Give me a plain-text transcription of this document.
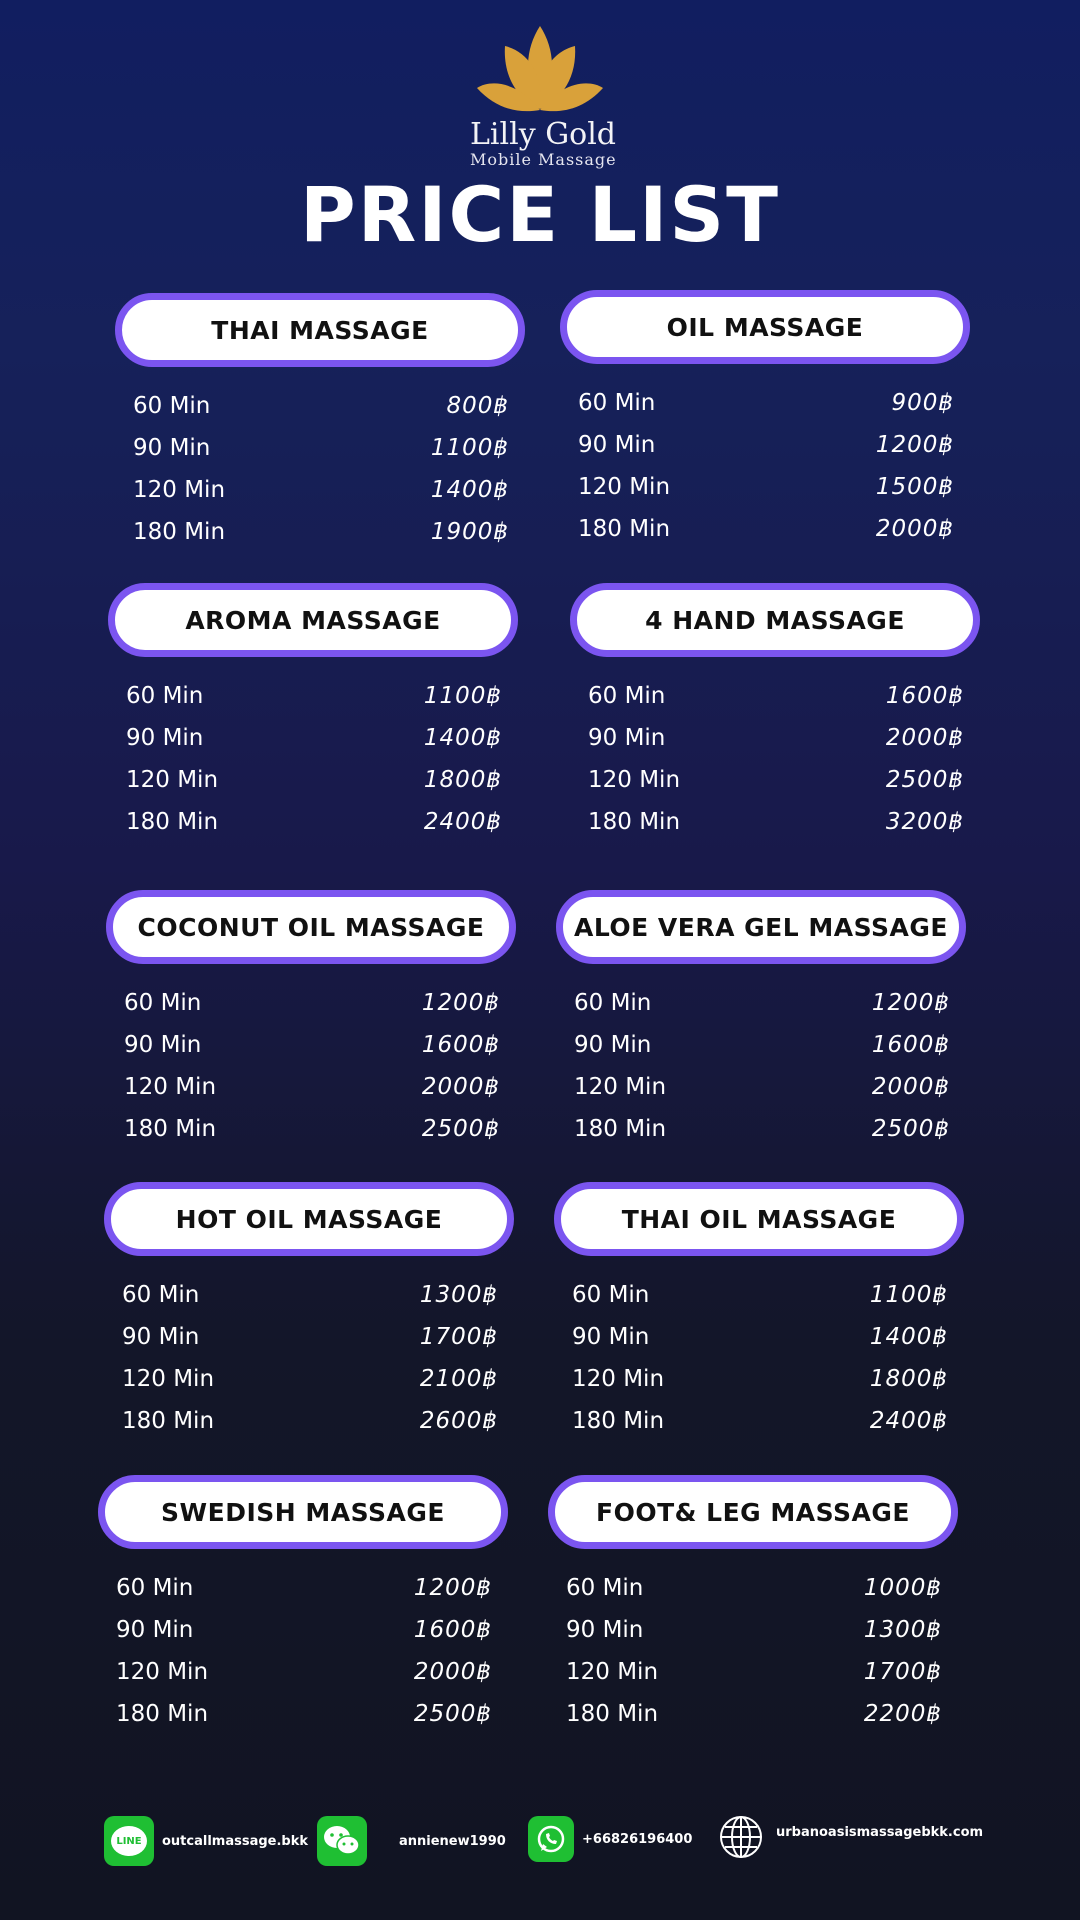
Lilly Gold
Mobile Massage
PRICE LIST
THAI MASSAGE
60 Min	800฿
90 Min	1100฿
120 Min	1400฿
180 Min	1900฿
OIL MASSAGE
60 Min	900฿
90 Min	1200฿
120 Min	1500฿
180 Min	2000฿
AROMA MASSAGE
60 Min	1100฿
90 Min	1400฿
120 Min	1800฿
180 Min	2400฿
4 HAND MASSAGE
60 Min	1600฿
90 Min	2000฿
120 Min	2500฿
180 Min	3200฿
COCONUT OIL MASSAGE
60 Min	1200฿
90 Min	1600฿
120 Min	2000฿
180 Min	2500฿
ALOE VERA GEL MASSAGE
60 Min	1200฿
90 Min	1600฿
120 Min	2000฿
180 Min	2500฿
HOT OIL MASSAGE
60 Min	1300฿
90 Min	1700฿
120 Min	2100฿
180 Min	2600฿
THAI OIL MASSAGE
60 Min	1100฿
90 Min	1400฿
120 Min	1800฿
180 Min	2400฿
SWEDISH MASSAGE
60 Min	1200฿
90 Min	1600฿
120 Min	2000฿
180 Min	2500฿
FOOT& LEG MASSAGE
60 Min	1000฿
90 Min	1300฿
120 Min	1700฿
180 Min	2200฿
LINE	outcallmassage.bkk	annienew1990	+66826196400	urbanoasismassagebkk.com
